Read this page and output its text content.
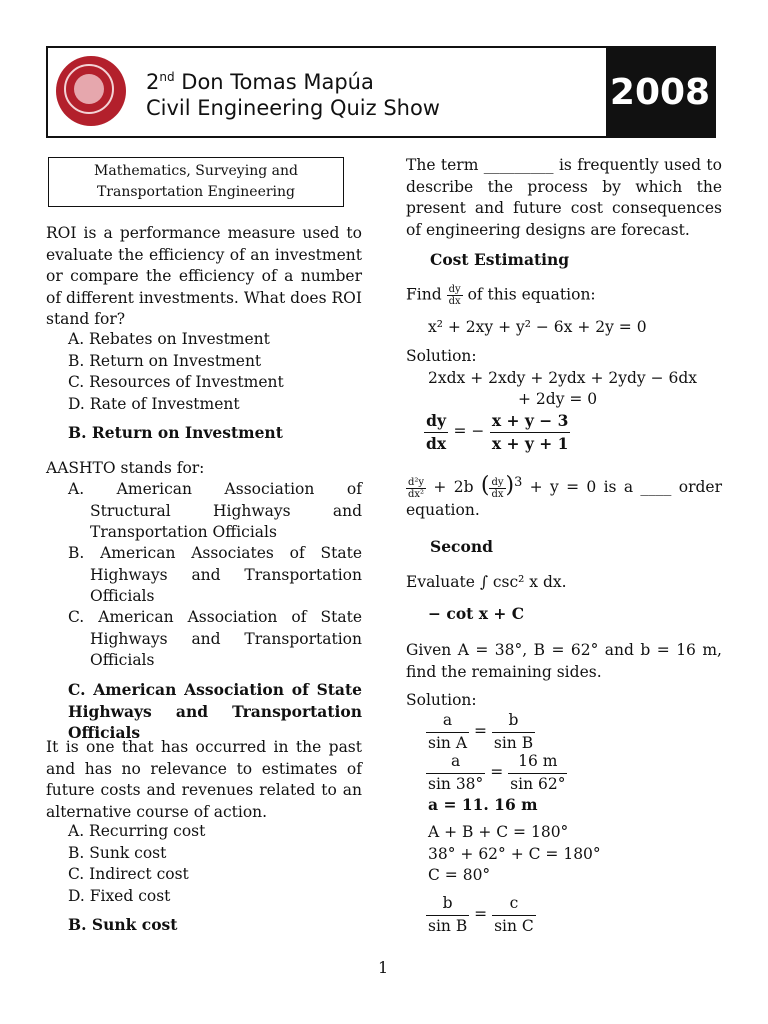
2nd Don Tomas Mapúa
Civil Engineering Quiz Show	2008
Mathematics, Surveying and Transportation Engineering
ROI is a performance measure used to evaluate the efficiency of an investment or compare the efficiency of a number of different investments. What does ROI stand for?
A. Rebates on Investment
B. Return on Investment
C. Resources of Investment
D. Rate of Investment
B. Return on Investment
AASHTO stands for:
A. American Association of Structural Highways and Transportation Officials
B. American Associates of State Highways and Transportation Officials
C. American Association of State Highways and Transportation Officials
C. American Association of State Highways and Transportation Officials
It is one that has occurred in the past and has no relevance to estimates of future costs and revenues related to an alternative course of action.
A. Recurring cost
B. Sunk cost
C. Indirect cost
D. Fixed cost
B. Sunk cost
The term _________ is frequently used to describe the process by which the present and future cost consequences of engineering designs are forecast.
Cost Estimating
Find $\frac{dy}{dx}$ of this equation:
x² + 2xy + y² − 6x + 2y = 0
Solution:
2xdx + 2xdy + 2ydx + 2ydy − 6dx
+ 2dy = 0
$\frac{dy}{dx}$ = − $\frac{x + y - 3}{x + y + 1}$
$\frac{\text{d²y}}{\text{dx²}} + 2b$ ( $\frac{dy}{dx} )^3 + y = 0$ is a ____ order equation.
Second
Evaluate ∫ csc² x dx.
− cot x + C
Given A = 38°, B = 62° and b = 16 m, find the remaining sides.
Solution:
$\frac{a}{\text{sin A}} = \frac{b}{\text{sin B}}$
$\frac{a}{\sin 38^\circ} = \frac{16 m}{\sin 62^\circ}$
a = 11. 16 m
A + B + C = 180°
38° + 62° + C = 180°
C = 80°
$\frac{b}{\text{sin B}} = \frac{c}{\text{sin C}}$
1
